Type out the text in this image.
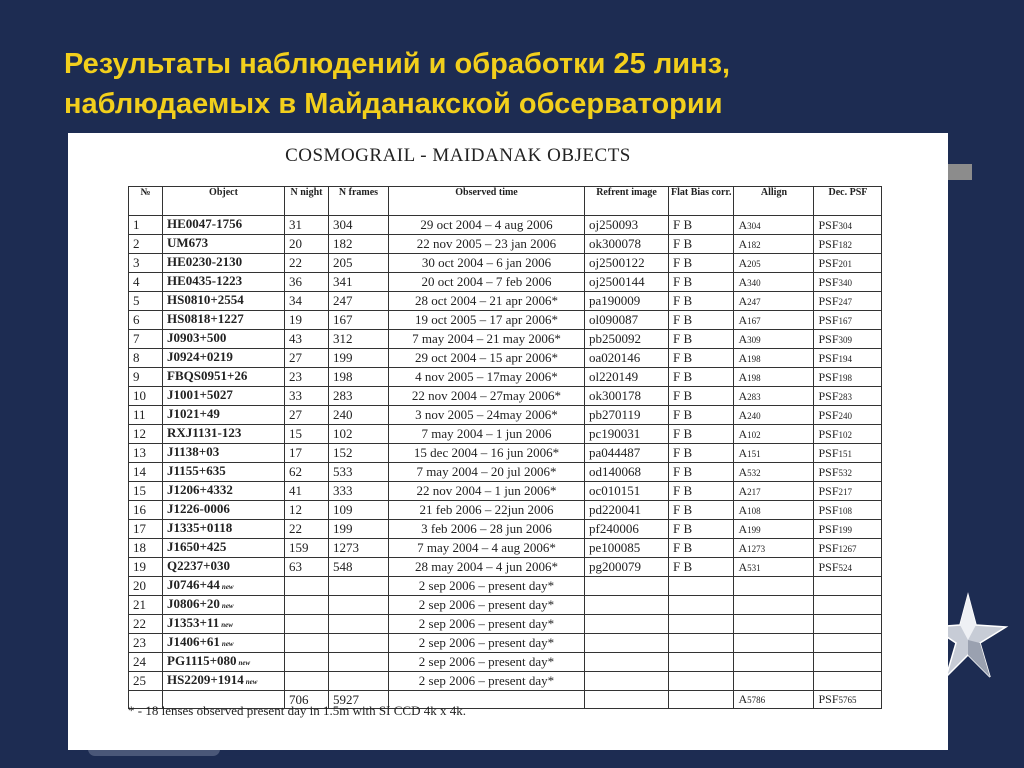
Результаты наблюдений и обработки 25 линз,
наблюдаемых в Майданакской обсерватории
COSMOGRAIL - MAIDANAK OBJECTS
№	Object	N night	N frames	Observed time	Refrent image	Flat Bias corr.	Allign	Dec. PSF
1	HE0047-1756	31	304	29 oct 2004 – 4 aug 2006	oj250093	F B	A304	PSF304
2	UM673	20	182	22 nov 2005 – 23 jan 2006	ok300078	F B	A182	PSF182
3	HE0230-2130	22	205	30 oct 2004 – 6 jan 2006	oj2500122	F B	A205	PSF201
4	HE0435-1223	36	341	20 oct 2004 – 7 feb 2006	oj2500144	F B	A340	PSF340
5	HS0810+2554	34	247	28 oct 2004 – 21 apr 2006*	pa190009	F B	A247	PSF247
6	HS0818+1227	19	167	19 oct 2005 – 17 apr 2006*	ol090087	F B	A167	PSF167
7	J0903+500	43	312	7 may 2004 – 21 may 2006*	pb250092	F B	A309	PSF309
8	J0924+0219	27	199	29 oct 2004 – 15 apr 2006*	oa020146	F B	A198	PSF194
9	FBQS0951+26	23	198	4 nov 2005 – 17may 2006*	ol220149	F B	A198	PSF198
10	J1001+5027	33	283	22 nov 2004 – 27may 2006*	ok300178	F B	A283	PSF283
11	J1021+49	27	240	3 nov 2005 – 24may 2006*	pb270119	F B	A240	PSF240
12	RXJ1131-123	15	102	7 may 2004 – 1 jun 2006	pc190031	F B	A102	PSF102
13	J1138+03	17	152	15 dec 2004 – 16 jun 2006*	pa044487	F B	A151	PSF151
14	J1155+635	62	533	7 may 2004 – 20 jul 2006*	od140068	F B	A532	PSF532
15	J1206+4332	41	333	22 nov 2004 – 1 jun 2006*	oc010151	F B	A217	PSF217
16	J1226-0006	12	109	21 feb 2006 – 22jun 2006	pd220041	F B	A108	PSF108
17	J1335+0118	22	199	3 feb 2006 – 28 jun 2006	pf240006	F B	A199	PSF199
18	J1650+425	159	1273	7 may 2004 – 4 aug 2006*	pe100085	F B	A1273	PSF1267
19	Q2237+030	63	548	28 may 2004 – 4 jun 2006*	pg200079	F B	A531	PSF524
20	J0746+44 new			2 sep 2006 – present day*				
21	J0806+20 new			2 sep 2006 – present day*				
22	J1353+11 new			2 sep 2006 – present day*				
23	J1406+61 new			2 sep 2006 – present day*				
24	PG1115+080 new			2 sep 2006 – present day*				
25	HS2209+1914 new			2 sep 2006 – present day*				
		706	5927				A5786	PSF5765
* - 18 lenses observed present day in 1.5m with SI CCD 4k x 4k.
